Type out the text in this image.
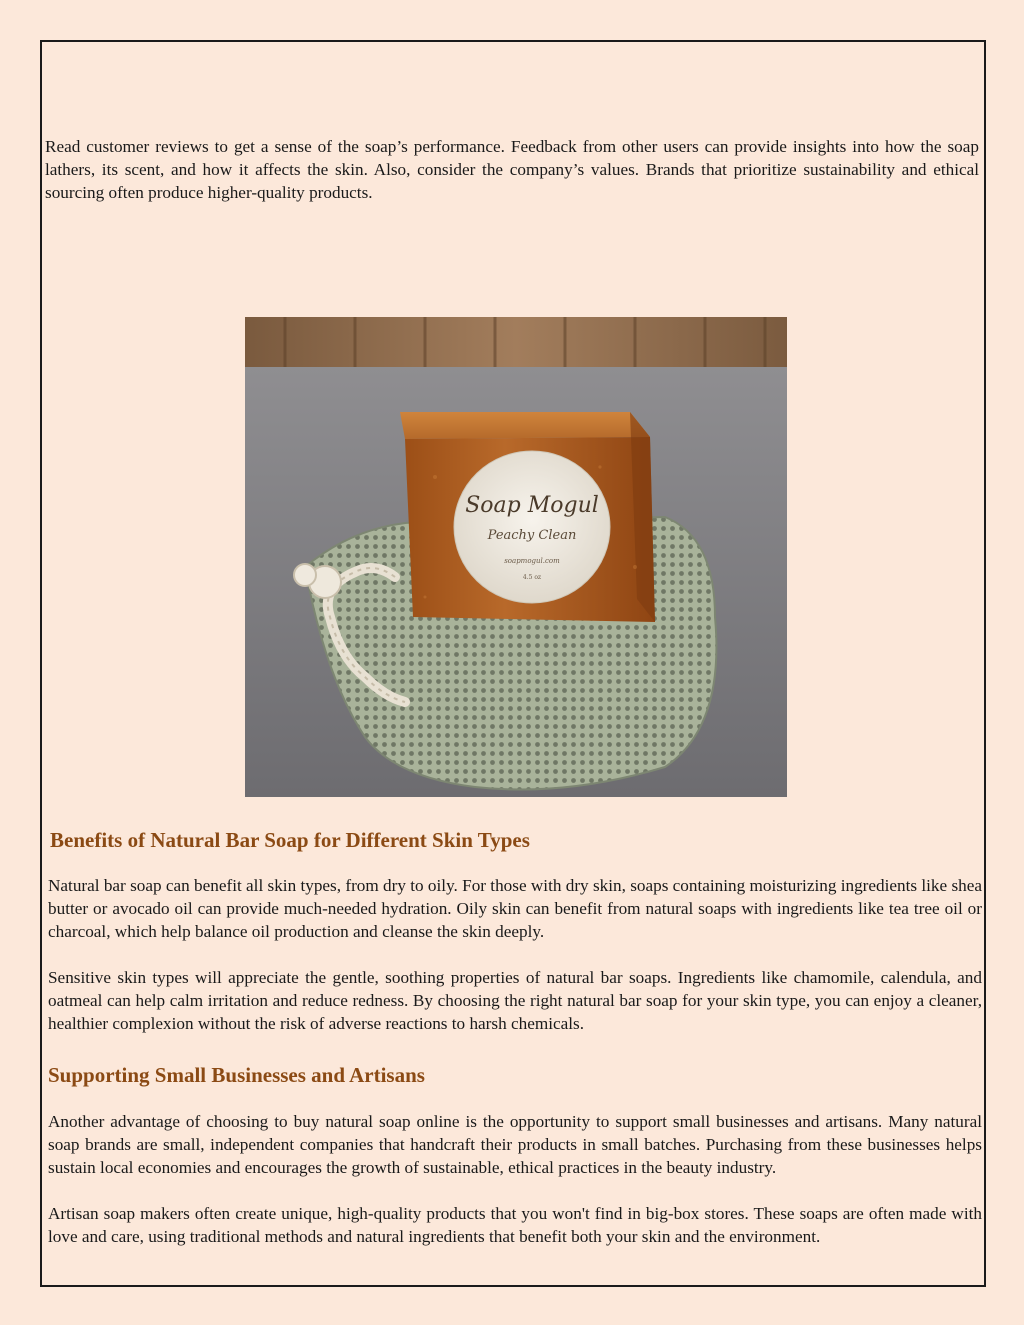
Read customer reviews to get a sense of the soap’s performance. Feedback from other users can provide insights into how the soap lathers, its scent, and how it affects the skin. Also, consider the company’s values. Brands that prioritize sustainability and ethical sourcing often produce higher-quality products.

Soap Mogul
Peachy Clean
soapmogul.com
4.5 oz
Benefits of Natural Bar Soap for Different Skin Types

Natural bar soap can benefit all skin types, from dry to oily. For those with dry skin, soaps containing moisturizing ingredients like shea butter or avocado oil can provide much-needed hydration. Oily skin can benefit from natural soaps with ingredients like tea tree oil or charcoal, which help balance oil production and cleanse the skin deeply.

Sensitive skin types will appreciate the gentle, soothing properties of natural bar soaps. Ingredients like chamomile, calendula, and oatmeal can help calm irritation and reduce redness. By choosing the right natural bar soap for your skin type, you can enjoy a cleaner, healthier complexion without the risk of adverse reactions to harsh chemicals.

Supporting Small Businesses and Artisans

Another advantage of choosing to buy natural soap online is the opportunity to support small businesses and artisans. Many natural soap brands are small, independent companies that handcraft their products in small batches. Purchasing from these businesses helps sustain local economies and encourages the growth of sustainable, ethical practices in the beauty industry.

Artisan soap makers often create unique, high-quality products that you won't find in big-box stores. These soaps are often made with love and care, using traditional methods and natural ingredients that benefit both your skin and the environment.
